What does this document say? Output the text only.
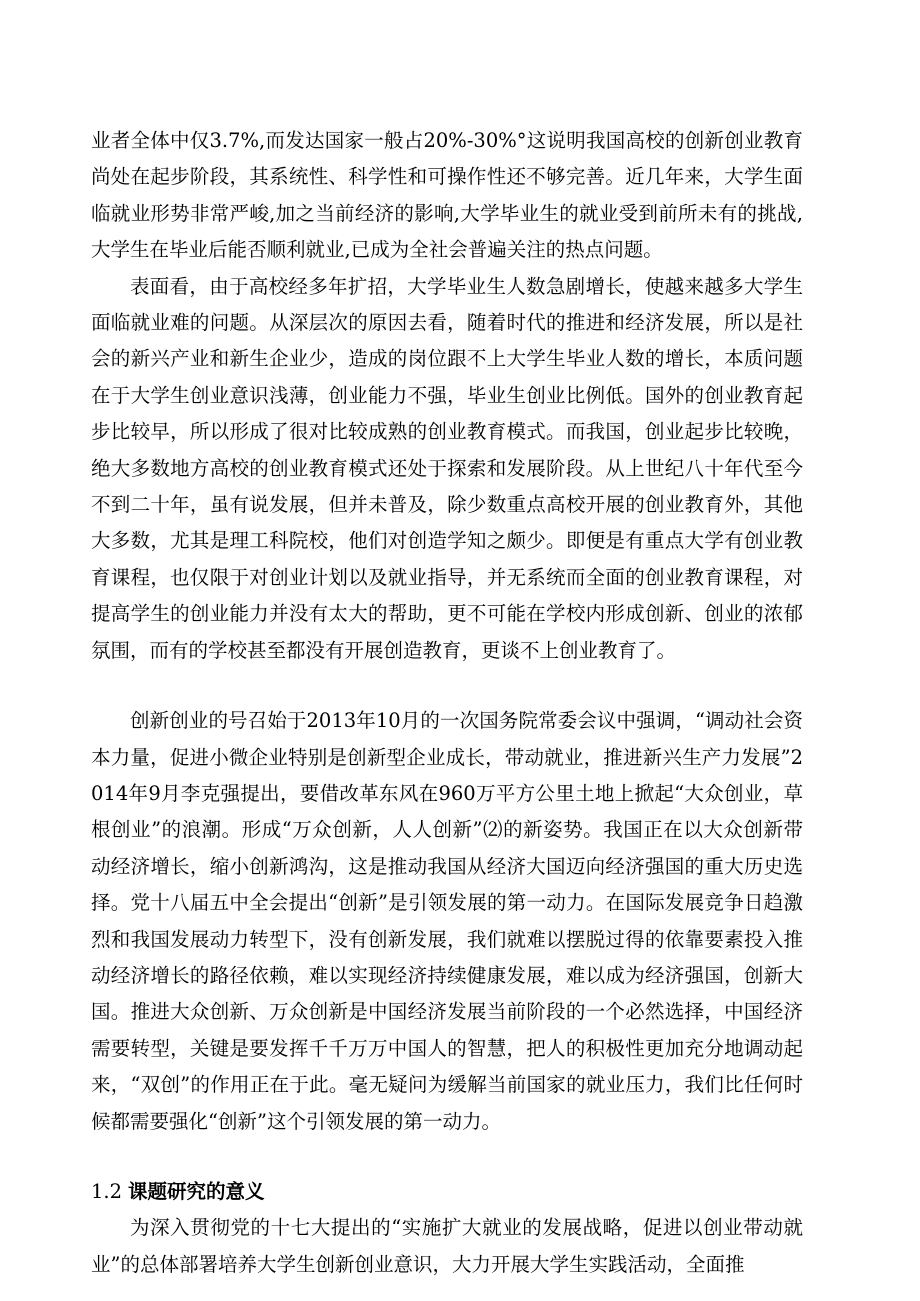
业者全体中仅3.7%,而发达国家一般占20%-30%°这说明我国高校的创新创业教育尚处在起步阶段，其系统性、科学性和可操作性还不够完善。近几年来，大学生面临就业形势非常严峻,加之当前经济的影响,大学毕业生的就业受到前所未有的挑战,大学生在毕业后能否顺利就业,已成为全社会普遍关注的热点问题。

表面看，由于高校经多年扩招，大学毕业生人数急剧增长，使越来越多大学生面临就业难的问题。从深层次的原因去看，随着时代的推进和经济发展，所以是社会的新兴产业和新生企业少，造成的岗位跟不上大学生毕业人数的增长，本质问题在于大学生创业意识浅薄，创业能力不强，毕业生创业比例低。国外的创业教育起步比较早，所以形成了很对比较成熟的创业教育模式。而我国，创业起步比较晚，绝大多数地方高校的创业教育模式还处于探索和发展阶段。从上世纪八十年代至今不到二十年，虽有说发展，但并未普及，除少数重点高校开展的创业教育外，其他大多数，尤其是理工科院校，他们对创造学知之颇少。即便是有重点大学有创业教育课程，也仅限于对创业计划以及就业指导，并无系统而全面的创业教育课程，对提高学生的创业能力并没有太大的帮助，更不可能在学校内形成创新、创业的浓郁氛围，而有的学校甚至都没有开展创造教育，更谈不上创业教育了。

创新创业的号召始于2013年10月的一次国务院常委会议中强调，“调动社会资本力量，促进小微企业特别是创新型企业成长，带动就业，推进新兴生产力发展”2014年9月李克强提出，要借改革东风在960万平方公里土地上掀起“大众创业，草根创业”的浪潮。形成“万众创新，人人创新”⑵的新姿势。我国正在以大众创新带动经济增长，缩小创新鸿沟，这是推动我国从经济大国迈向经济强国的重大历史选择。党十八届五中全会提出“创新”是引领发展的第一动力。在国际发展竞争日趋激烈和我国发展动力转型下，没有创新发展，我们就难以摆脱过得的依靠要素投入推动经济增长的路径依赖，难以实现经济持续健康发展，难以成为经济强国，创新大国。推进大众创新、万众创新是中国经济发展当前阶段的一个必然选择，中国经济需要转型，关键是要发挥千千万万中国人的智慧，把人的积极性更加充分地调动起来，“双创”的作用正在于此。毫无疑问为缓解当前国家的就业压力，我们比任何时候都需要强化“创新”这个引领发展的第一动力。

1.2 课题研究的意义

为深入贯彻党的十七大提出的“实施扩大就业的发展战略，促进以创业带动就业”的总体部署培养大学生创新创业意识，大力开展大学生实践活动，全面推
